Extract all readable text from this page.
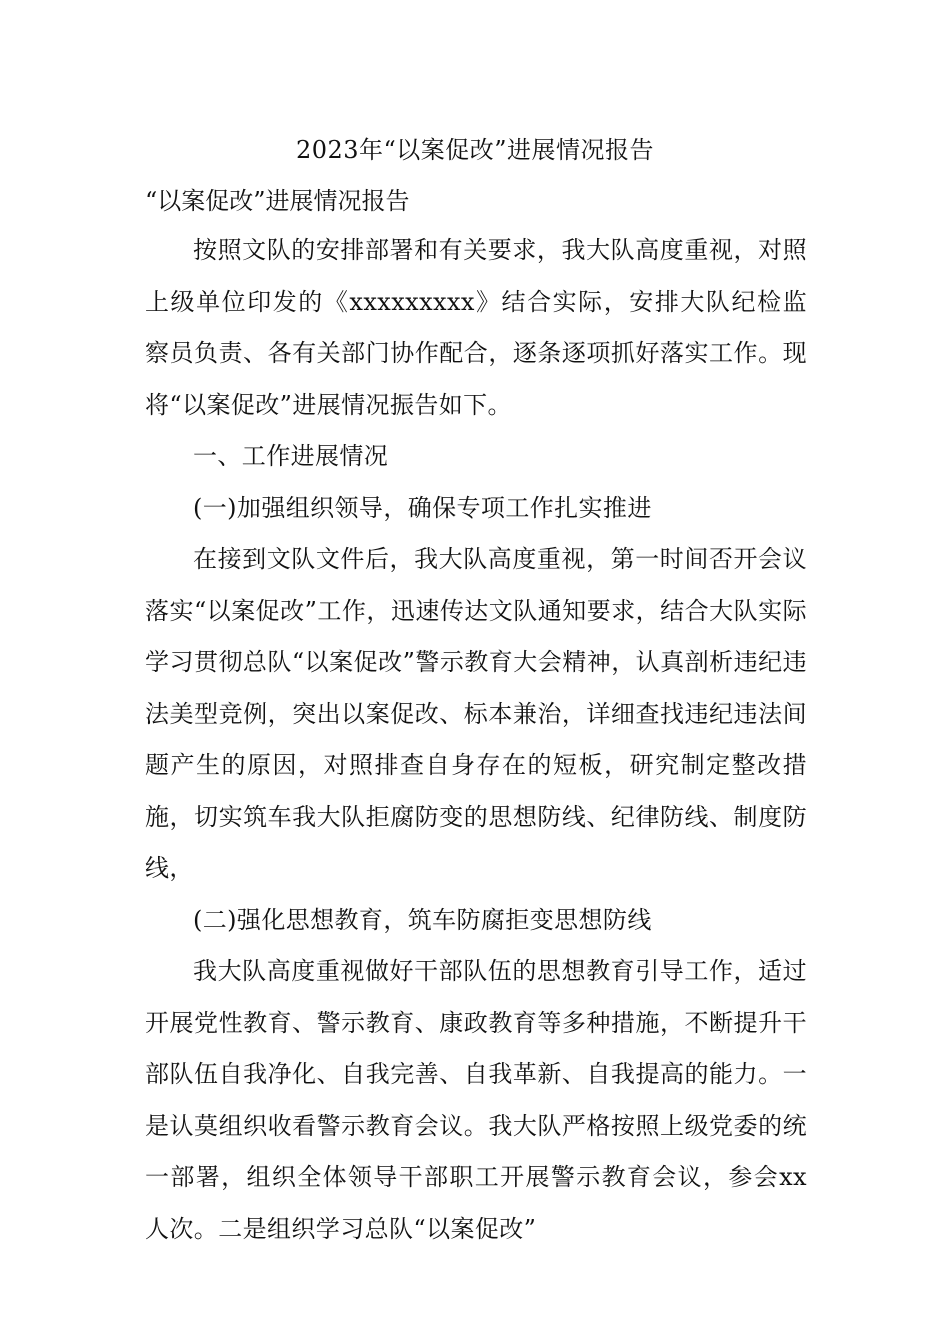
2023年“以案促改”进展情况报告
“以案促改”进展情况报告

按照文队的安排部署和有关要求，我大队高度重视，对照上级单位印发的《xxxxxxxxx》结合实际，安排大队纪检监察员负责、各有关部门协作配合，逐条逐项抓好落实工作。现将“以案促改”进展情况振告如下。

一、工作进展情况

(一)加强组织领导，确保专项工作扎实推进

在接到文队文件后，我大队高度重视，第一时间否开会议落实“以案促改”工作，迅速传达文队通知要求，结合大队实际学习贯彻总队“以案促改”警示教育大会精神，认真剖析违纪违法美型竞例，突出以案促改、标本兼治，详细查找违纪违法间题产生的原因，对照排查自身存在的短板，研究制定整改措施，切实筑车我大队拒腐防变的思想防线、纪律防线、制度防线，

(二)强化思想教育，筑车防腐拒变思想防线

我大队高度重视做好干部队伍的思想教育引导工作，适过开展党性教育、警示教育、康政教育等多种措施，不断提升干部队伍自我净化、自我完善、自我革新、自我提高的能力。一是认莫组织收看警示教育会议。我大队严格按照上级党委的统一部署，组织全体领导干部职工开展警示教育会议，参会xx人次。二是组织学习总队“以案促改”
